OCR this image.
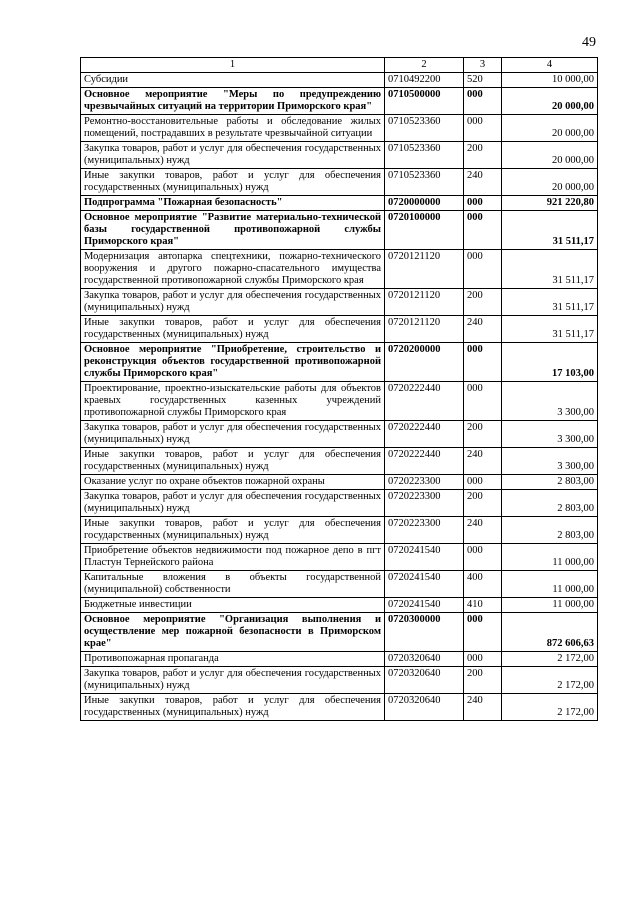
49
1	2	3	4
Субсидии	0710492200	520	10 000,00
Основное мероприятие "Меры по предупреждению чрезвычайных ситуаций на территории Приморского края"	0710500000	000	20 000,00
Ремонтно-восстановительные работы и обследование жилых помещений, пострадавших в результате чрезвычайной ситуации	0710523360	000	20 000,00
Закупка товаров, работ и услуг для обеспечения государственных (муниципальных) нужд	0710523360	200	20 000,00
Иные закупки товаров, работ и услуг для обеспечения государственных (муниципальных) нужд	0710523360	240	20 000,00
Подпрограмма "Пожарная безопасность"	0720000000	000	921 220,80
Основное мероприятие "Развитие материально-технической базы государственной противопожарной службы Приморского края"	0720100000	000	31 511,17
Модернизация автопарка спецтехники, пожарно-технического вооружения и другого пожарно-спасательного имущества государственной противопожарной службы Приморского края	0720121120	000	31 511,17
Закупка товаров, работ и услуг для обеспечения государственных (муниципальных) нужд	0720121120	200	31 511,17
Иные закупки товаров, работ и услуг для обеспечения государственных (муниципальных) нужд	0720121120	240	31 511,17
Основное мероприятие "Приобретение, строительство и реконструкция объектов государственной противопожарной службы Приморского края"	0720200000	000	17 103,00
Проектирование, проектно-изыскательские работы для объектов краевых государственных казенных учреждений противопожарной службы Приморского края	0720222440	000	3 300,00
Закупка товаров, работ и услуг для обеспечения государственных (муниципальных) нужд	0720222440	200	3 300,00
Иные закупки товаров, работ и услуг для обеспечения государственных (муниципальных) нужд	0720222440	240	3 300,00
Оказание услуг по охране объектов пожарной охраны	0720223300	000	2 803,00
Закупка товаров, работ и услуг для обеспечения государственных (муниципальных) нужд	0720223300	200	2 803,00
Иные закупки товаров, работ и услуг для обеспечения государственных (муниципальных) нужд	0720223300	240	2 803,00
Приобретение объектов недвижимости под пожарное депо в пгт Пластун Тернейского района	0720241540	000	11 000,00
Капитальные вложения в объекты государственной (муниципальной) собственности	0720241540	400	11 000,00
Бюджетные инвестиции	0720241540	410	11 000,00
Основное мероприятие "Организация выполнения и осуществление мер пожарной безопасности в Приморском крае"	0720300000	000	872 606,63
Противопожарная пропаганда	0720320640	000	2 172,00
Закупка товаров, работ и услуг для обеспечения государственных (муниципальных) нужд	0720320640	200	2 172,00
Иные закупки товаров, работ и услуг для обеспечения государственных (муниципальных) нужд	0720320640	240	2 172,00
